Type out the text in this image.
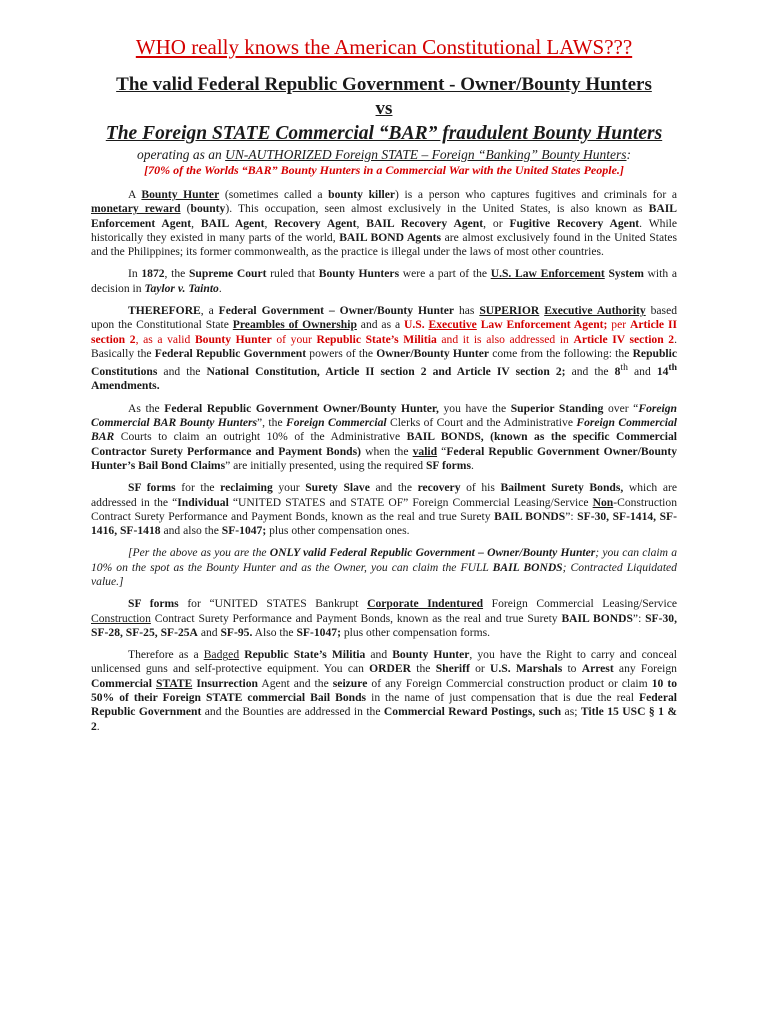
WHO really knows the American Constitutional LAWS???
The valid Federal Republic Government - Owner/Bounty Hunters
vs
The Foreign STATE Commercial “BAR” fraudulent Bounty Hunters
operating as an UN-AUTHORIZED Foreign STATE – Foreign “Banking” Bounty Hunters:
[70% of the Worlds “BAR” Bounty Hunters in a Commercial War with the United States People.]

A Bounty Hunter (sometimes called a bounty killer) is a person who captures fugitives and criminals for a monetary reward (bounty). This occupation, seen almost exclusively in the United States, is also known as BAIL Enforcement Agent, BAIL Agent, Recovery Agent, BAIL Recovery Agent, or Fugitive Recovery Agent. While historically they existed in many parts of the world, BAIL BOND Agents are almost exclusively found in the United States and the Philippines; its former commonwealth, as the practice is illegal under the laws of most other countries.

In 1872, the Supreme Court ruled that Bounty Hunters were a part of the U.S. Law Enforcement System with a decision in Taylor v. Tainto.

THEREFORE, a Federal Government – Owner/Bounty Hunter has SUPERIOR Executive Authority based upon the Constitutional State Preambles of Ownership and as a U.S. Executive Law Enforcement Agent; per Article II section 2, as a valid Bounty Hunter of your Republic State’s Militia and it is also addressed in Article IV section 2. Basically the Federal Republic Government powers of the Owner/Bounty Hunter come from the following: the Republic Constitutions and the National Constitution, Article II section 2 and Article IV section 2; and the 8th and 14th Amendments.

As the Federal Republic Government Owner/Bounty Hunter, you have the Superior Standing over “Foreign Commercial BAR Bounty Hunters”, the Foreign Commercial Clerks of Court and the Administrative Foreign Commercial BAR Courts to claim an outright 10% of the Administrative BAIL BONDS, (known as the specific Commercial Contractor Surety Performance and Payment Bonds) when the valid “Federal Republic Government Owner/Bounty Hunter’s Bail Bond Claims” are initially presented, using the required SF forms.

SF forms for the reclaiming your Surety Slave and the recovery of his Bailment Surety Bonds, which are addressed in the “Individual “UNITED STATES and STATE OF” Foreign Commercial Leasing/Service Non-Construction Contract Surety Performance and Payment Bonds, known as the real and true Surety BAIL BONDS”: SF-30, SF-1414, SF-1416, SF-1418 and also the SF-1047; plus other compensation ones.

[Per the above as you are the ONLY valid Federal Republic Government – Owner/Bounty Hunter; you can claim a 10% on the spot as the Bounty Hunter and as the Owner, you can claim the FULL BAIL BONDS; Contracted Liquidated value.]

SF forms for “UNITED STATES Bankrupt Corporate Indentured Foreign Commercial Leasing/Service Construction Contract Surety Performance and Payment Bonds, known as the real and true Surety BAIL BONDS”: SF-30, SF-28, SF-25, SF-25A and SF-95. Also the SF-1047; plus other compensation forms.

Therefore as a Badged Republic State’s Militia and Bounty Hunter, you have the Right to carry and conceal unlicensed guns and self-protective equipment. You can ORDER the Sheriff or U.S. Marshals to Arrest any Foreign Commercial STATE Insurrection Agent and the seizure of any Foreign Commercial construction product or claim 10 to 50% of their Foreign STATE commercial Bail Bonds in the name of just compensation that is due the real Federal Republic Government and the Bounties are addressed in the Commercial Reward Postings, such as; Title 15 USC § 1 & 2.
